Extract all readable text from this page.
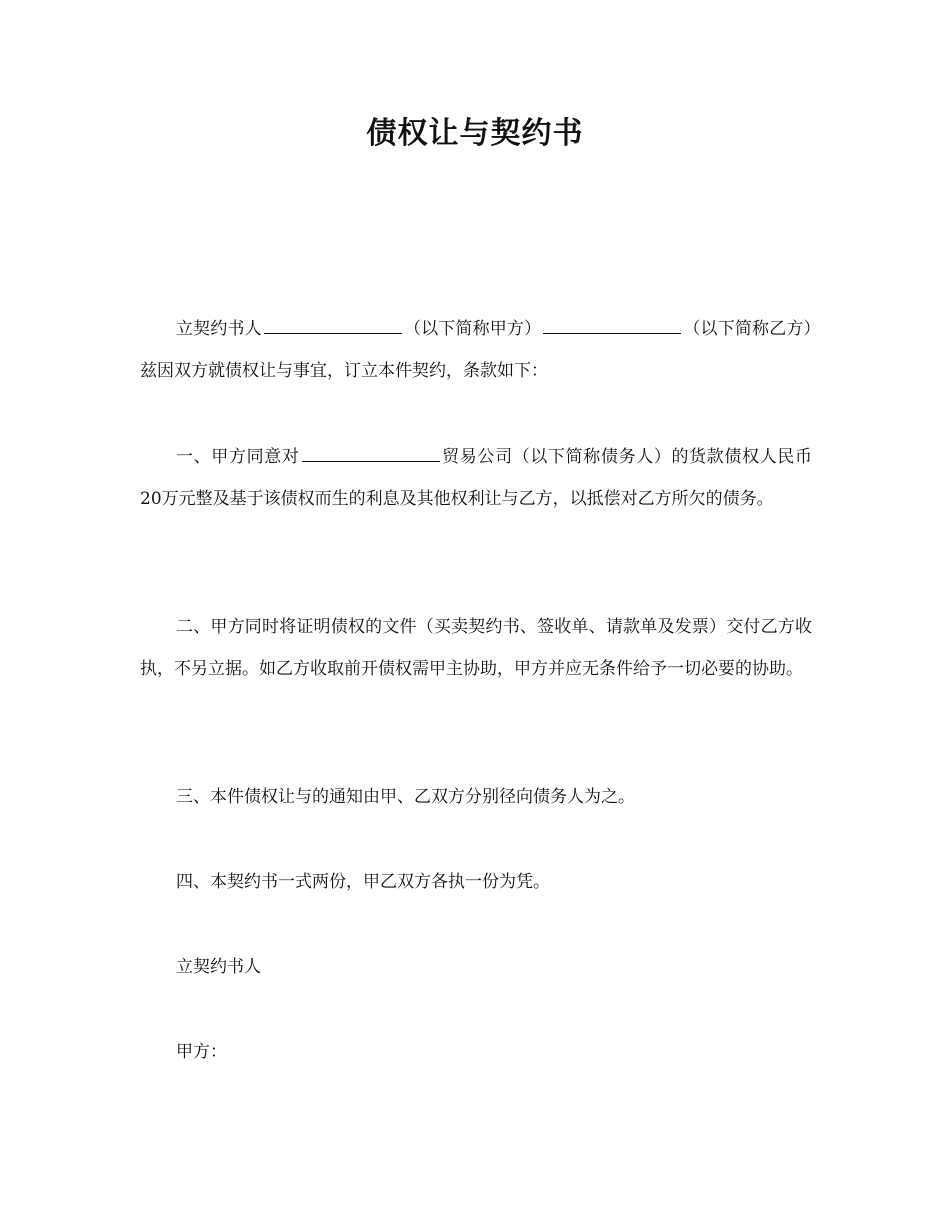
债权让与契约书

立契约书人	（以下简称甲方）	（以下简称乙方）兹因双方就债权让与事宜，订立本件契约，条款如下：

一、甲方同意对	贸易公司（以下简称债务人）的货款债权人民币20万元整及基于该债权而生的利息及其他权利让与乙方，以抵偿对乙方所欠的债务。

二、甲方同时将证明债权的文件（买卖契约书、签收单、请款单及发票）交付乙方收执，不另立据。如乙方收取前开债权需甲主协助，甲方并应无条件给予一切必要的协助。

三、本件债权让与的通知由甲、乙双方分别径向债务人为之。

四、本契约书一式两份，甲乙双方各执一份为凭。

立契约书人

甲方：
